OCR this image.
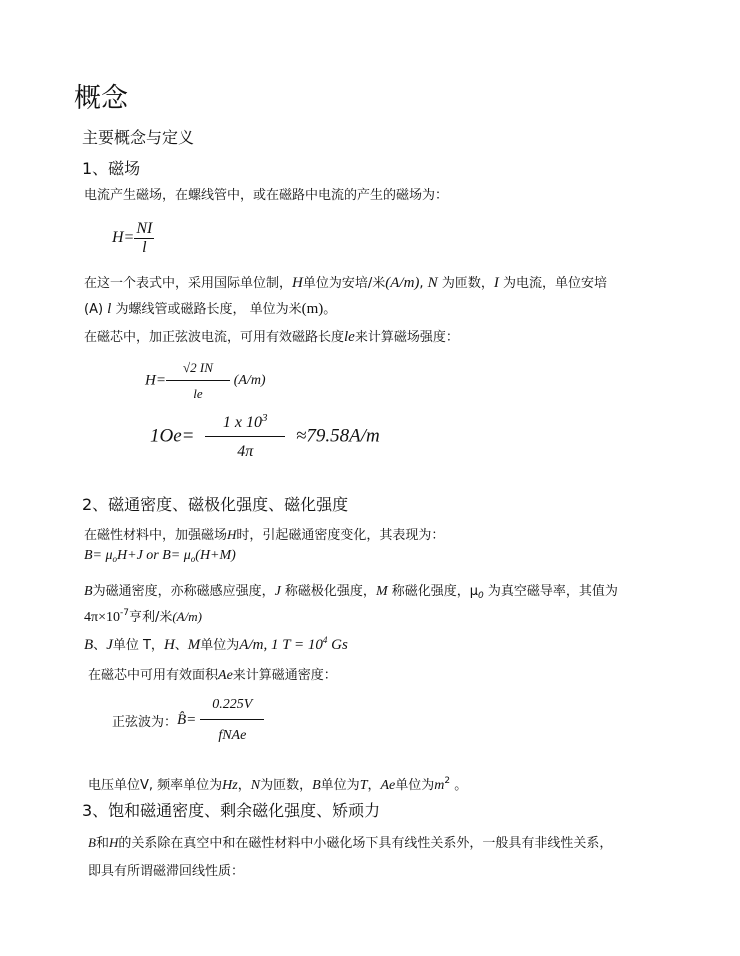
概念
主要概念与定义
1、磁场
电流产生磁场，在螺线管中，或在磁路中电流的产生的磁场为：
$H= \frac{NI}{l}$
在这一个表式中，采用国际单位制，H单位为安培/米(A/m), N 为匝数，I 为电流，单位安培
(A) l 为螺线管或磁路长度， 单位为米(m)。
在磁芯中，加正弦波电流，可用有效磁路长度le来计算磁场强度：
$H= \frac{√2 IN}{le} (A/m)$
$1Oe= \frac{1 x 10^3}{4\pi} \approx 79.58A/m$
2、磁通密度、磁极化强度、磁化强度
在磁性材料中，加强磁场H时，引起磁通密度变化，其表现为：
$B= \mu_oH+J$ or $B= \mu_o(H+M)$
B为磁通密度，亦称磁感应强度，J 称磁极化强度，M 称磁化强度，$\mu_0$ 为真空磁导率，其值为
$4\pi\times 10^{-7}$亨利/米(A/m)
B、J单位 T，H、M单位为A/m, 1 $T = 10^4$ Gs
在磁芯中可用有效面积Ae来计算磁通密度：
正弦波为：B̂= $\frac{0.225V}{\text{fNAe}}$
电压单位V, 频率单位为Hz，N为匝数，B单位为T，Ae单位为$m^2$ 。
3、饱和磁通密度、剩余磁化强度、矫顽力
B和H的关系除在真空中和在磁性材料中小磁化场下具有线性关系外，一般具有非线性关系，
即具有所谓磁滞回线性质：
